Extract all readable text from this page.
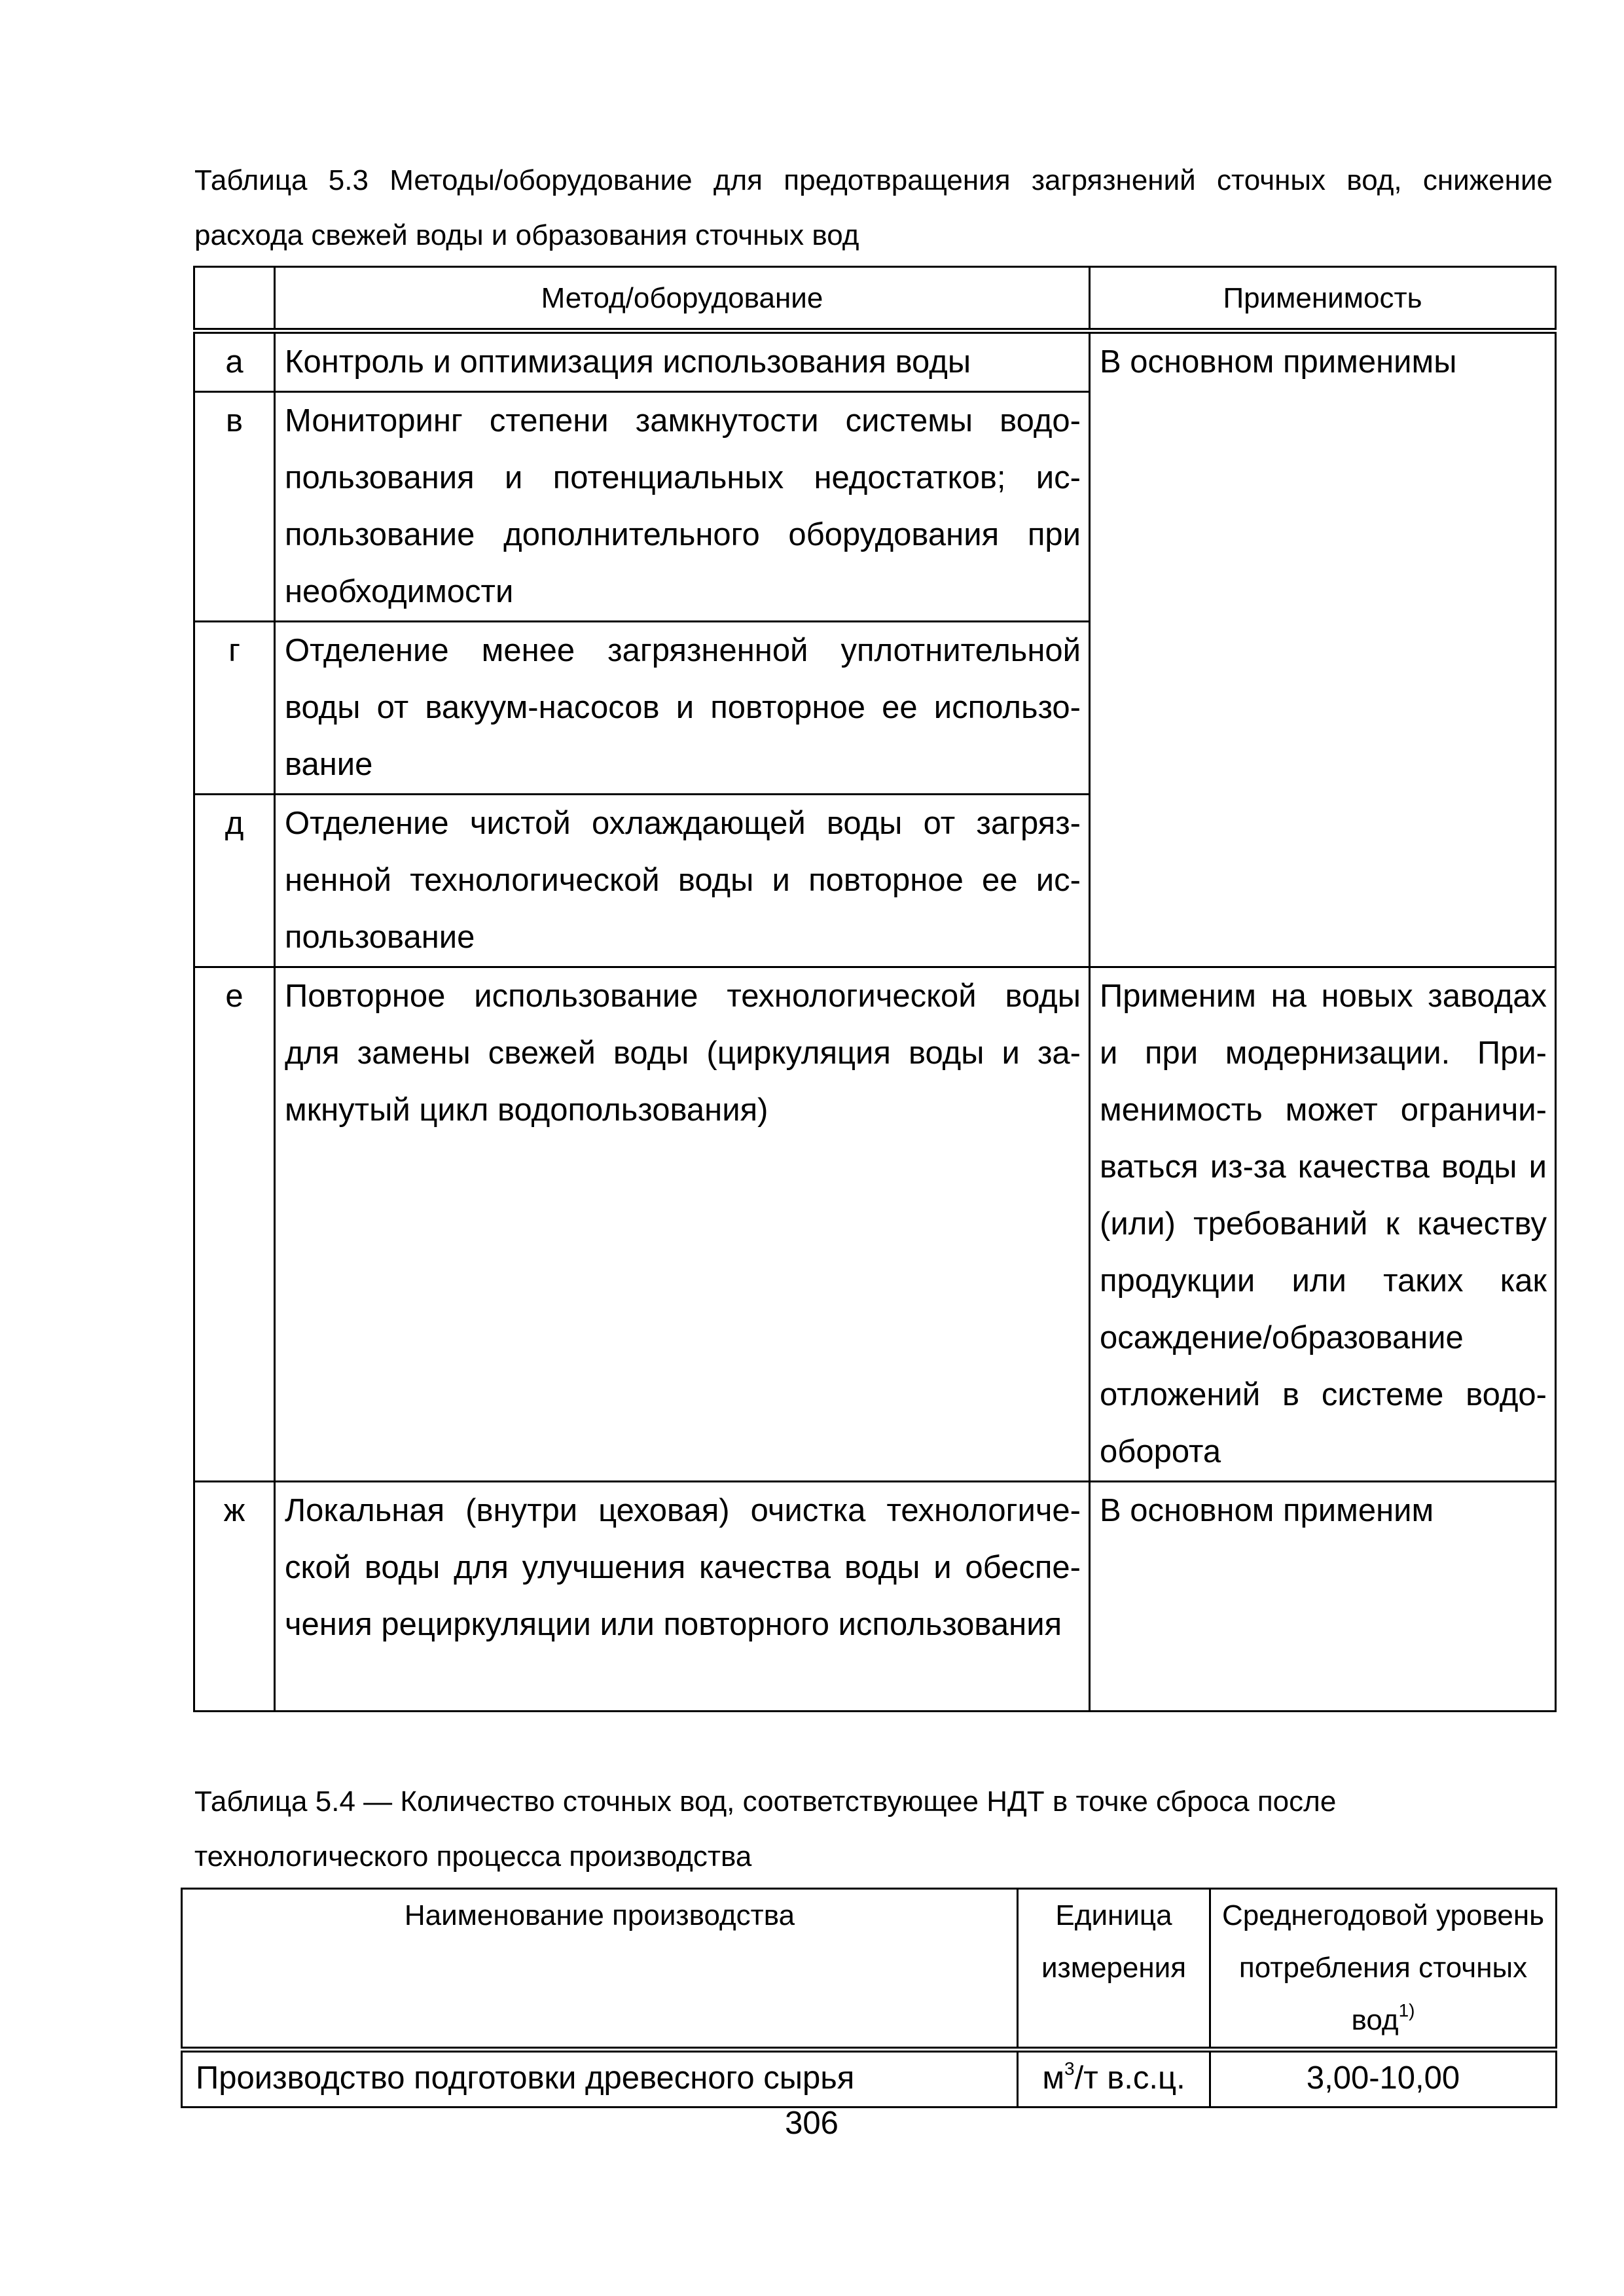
Таблица 5.3 Методы/оборудование для предотвращения загрязнений сточных вод, снижение расхода свежей воды и образования сточных вод
	Метод/оборудование	Применимость
а	Контроль и оптимизация использования воды	В основном применимы
в	Мониторинг степени замкнутости системы водопользования и потенциальных недостатков; использование дополнительного оборудования при необходимости	
г	Отделение менее загрязненной уплотнительной воды от вакуум-насосов и повторное ее использование	
д	Отделение чистой охлаждающей воды от загрязненной технологической воды и повторное ее использование	
е	Повторное использование технологической воды для замены свежей воды (циркуляция воды и замкнутый цикл водопользования)	Применим на новых заводах и при модернизации. Применимость может ограничиваться из-за качества воды и (или) требований к качеству продукции или таких как осаждение/образование отложений в системе водооборота
ж	Локальная (внутри цеховая) очистка технологической воды для улучшения качества воды и обеспечения рециркуляции или повторного использования	В основном применим
Таблица 5.4 — Количество сточных вод, соответствующее НДТ в точке сброса после технологического процесса производства
Наименование производства	Единица измерения	Среднегодовой уровень потребления сточных вод$^{1)}$
Производство подготовки древесного сырья	$м^3/т$ в.с.ц.	3,00-10,00
306
